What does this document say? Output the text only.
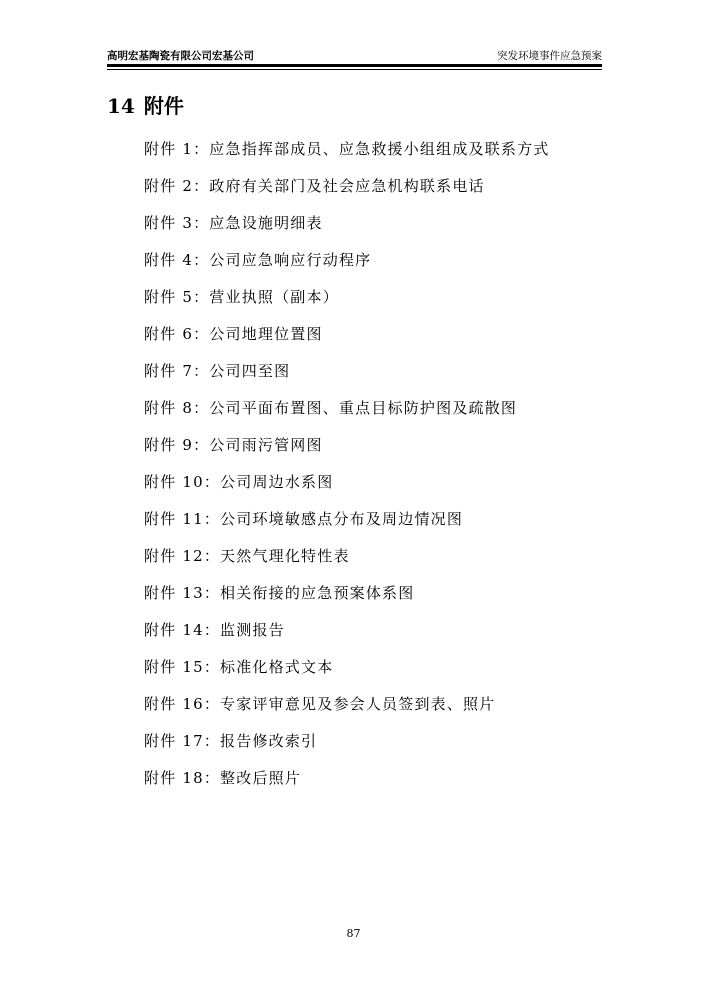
高明宏基陶瓷有限公司宏基公司	突发环境事件应急预案
14 附件
附件 1：应急指挥部成员、应急救援小组组成及联系方式
附件 2：政府有关部门及社会应急机构联系电话
附件 3：应急设施明细表
附件 4：公司应急响应行动程序
附件 5：营业执照（副本）
附件 6：公司地理位置图
附件 7：公司四至图
附件 8：公司平面布置图、重点目标防护图及疏散图
附件 9：公司雨污管网图
附件 10：公司周边水系图
附件 11：公司环境敏感点分布及周边情况图
附件 12：天然气理化特性表
附件 13：相关衔接的应急预案体系图
附件 14：监测报告
附件 15：标准化格式文本
附件 16：专家评审意见及参会人员签到表、照片
附件 17：报告修改索引
附件 18：整改后照片
87
